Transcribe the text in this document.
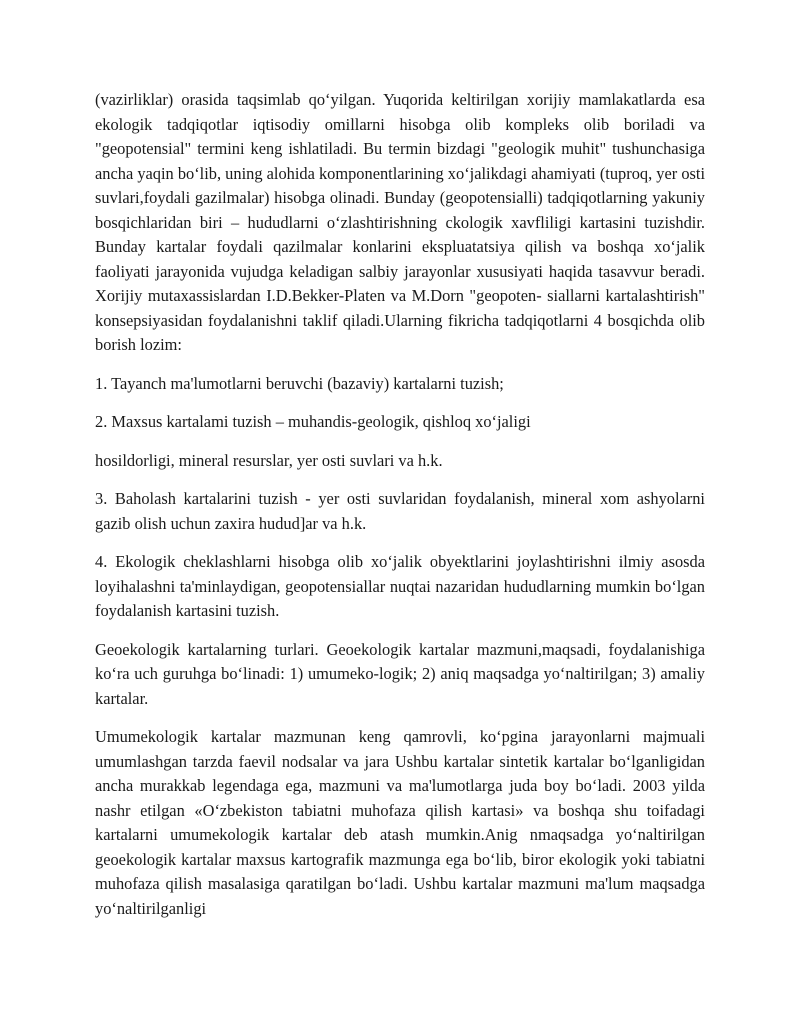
(vazirliklar) orasida taqsimlab qo‘yilgan. Yuqorida keltirilgan xorijiy mamlakatlarda esa ekologik tadqiqotlar iqtisodiy omillarni hisobga olib kompleks olib boriladi va "geopotensial" termini keng ishlatiladi. Bu termin bizdagi "geologik muhit" tushunchasiga ancha yaqin bo‘lib, uning alohida komponentlarining xo‘jalikdagi ahamiyati (tuproq, yer osti suvlari,foydali gazilmalar) hisobga olinadi. Bunday (geopotensialli) tadqiqotlarning yakuniy bosqichlaridan biri – hududlarni o‘zlashtirishning ckologik xavfliligi kartasini tuzishdir. Bunday kartalar foydali qazilmalar konlarini ekspluatatsiya qilish va boshqa xo‘jalik faoliyati jarayonida vujudga keladigan salbiy jarayonlar xususiyati haqida tasavvur beradi. Xorijiy mutaxassislardan I.D.Bekker-Platen va M.Dorn "geopoten- siallarni kartalashtirish" konsepsiyasidan foydalanishni taklif qiladi.Ularning fikricha tadqiqotlarni 4 bosqichda olib borish lozim:

1. Tayanch ma'lumotlarni beruvchi (bazaviy) kartalarni tuzish;

2. Maxsus kartalami tuzish – muhandis-geologik, qishloq xo‘jaligi

hosildorligi, mineral resurslar, yer osti suvlari va h.k.

3. Baholash kartalarini tuzish - yer osti suvlaridan foydalanish, mineral xom ashyolarni gazib olish uchun zaxira hudud]ar va h.k.

4. Ekologik cheklashlarni hisobga olib xo‘jalik obyektlarini joylashtirishni ilmiy asosda loyihalashni ta'minlaydigan, geopotensiallar nuqtai nazaridan hududlarning mumkin bo‘lgan foydalanish kartasini tuzish.

Geoekologik kartalarning turlari. Geoekologik kartalar mazmuni,maqsadi, foydalanishiga ko‘ra uch guruhga bo‘linadi: 1) umumeko-logik; 2) aniq maqsadga yo‘naltirilgan; 3) amaliy kartalar.

Umumekologik kartalar mazmunan keng qamrovli, ko‘pgina jarayonlarni majmuali umumlashgan tarzda faevil nodsalar va jara Ushbu kartalar sintetik kartalar bo‘lganligidan ancha murakkab legendaga ega, mazmuni va ma'lumotlarga juda boy bo‘ladi. 2003 yilda nashr etilgan «O‘zbekiston tabiatni muhofaza qilish kartasi» va boshqa shu toifadagi kartalarni umumekologik kartalar deb atash mumkin.Anig nmaqsadga yo‘naltirilgan geoekologik kartalar maxsus kartografik mazmunga ega bo‘lib, biror ekologik yoki tabiatni muhofaza qilish masalasiga qaratilgan bo‘ladi. Ushbu kartalar mazmuni ma'lum maqsadga yo‘naltirilganligi
